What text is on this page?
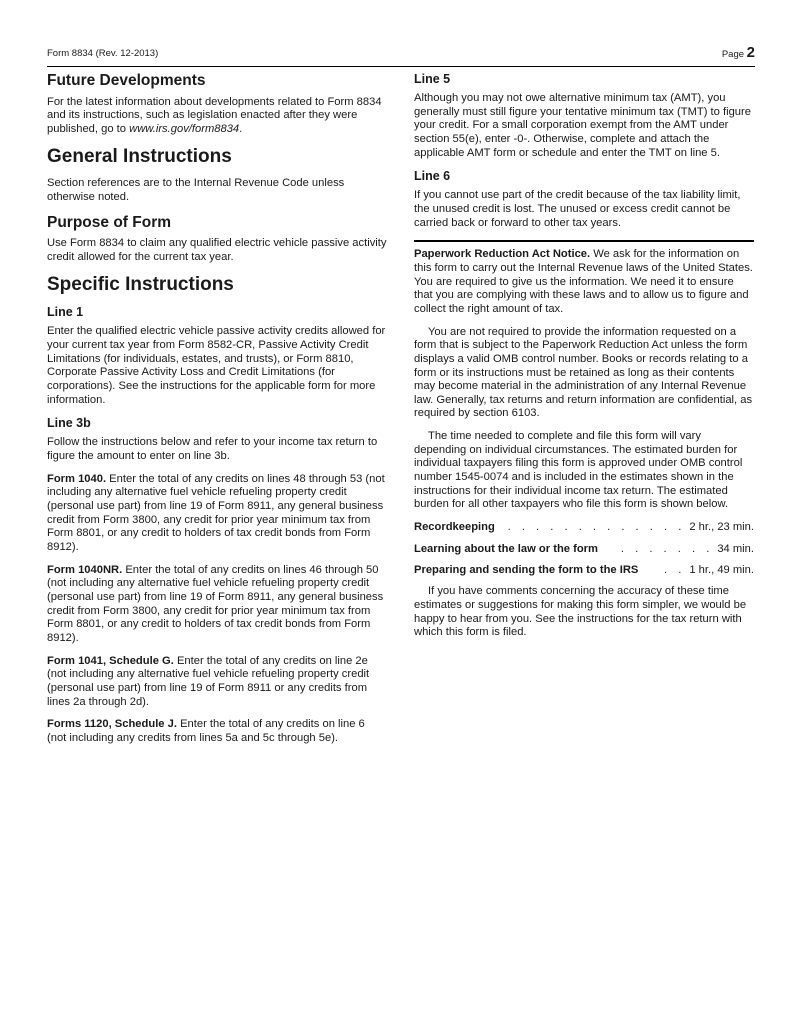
Form 8834 (Rev. 12-2013)	Page 2
Future Developments

For the latest information about developments related to Form 8834 and its instructions, such as legislation enacted after they were published, go to www.irs.gov/form8834.

General Instructions

Section references are to the Internal Revenue Code unless otherwise noted.

Purpose of Form

Use Form 8834 to claim any qualified electric vehicle passive activity credit allowed for the current tax year.

Specific Instructions
Line 1

Enter the qualified electric vehicle passive activity credits allowed for your current tax year from Form 8582-CR, Passive Activity Credit Limitations (for individuals, estates, and trusts), or Form 8810, Corporate Passive Activity Loss and Credit Limitations (for corporations). See the instructions for the applicable form for more information.

Line 3b

Follow the instructions below and refer to your income tax return to figure the amount to enter on line 3b.

Form 1040. Enter the total of any credits on lines 48 through 53 (not including any alternative fuel vehicle refueling property credit (personal use part) from line 19 of Form 8911, any general business credit from Form 3800, any credit for prior year minimum tax from Form 8801, or any credit to holders of tax credit bonds from Form 8912).

Form 1040NR. Enter the total of any credits on lines 46 through 50 (not including any alternative fuel vehicle refueling property credit (personal use part) from line 19 of Form 8911, any general business credit from Form 3800, any credit for prior year minimum tax from Form 8801, or any credit to holders of tax credit bonds from Form 8912).

Form 1041, Schedule G. Enter the total of any credits on line 2e (not including any alternative fuel vehicle refueling property credit (personal use part) from line 19 of Form 8911 or any credits from lines 2a through 2d).

Forms 1120, Schedule J. Enter the total of any credits on line 6 (not including any credits from lines 5a and 5c through 5e).

Line 5

Although you may not owe alternative minimum tax (AMT), you generally must still figure your tentative minimum tax (TMT) to figure your credit. For a small corporation exempt from the AMT under section 55(e), enter -0-. Otherwise, complete and attach the applicable AMT form or schedule and enter the TMT on line 5.

Line 6

If you cannot use part of the credit because of the tax liability limit, the unused credit is lost. The unused or excess credit cannot be carried back or forward to other tax years.

Paperwork Reduction Act Notice. We ask for the information on this form to carry out the Internal Revenue laws of the United States. You are required to give us the information. We need it to ensure that you are complying with these laws and to allow us to figure and collect the right amount of tax.

You are not required to provide the information requested on a form that is subject to the Paperwork Reduction Act unless the form displays a valid OMB control number. Books or records relating to a form or its instructions must be retained as long as their contents may become material in the administration of any Internal Revenue law. Generally, tax returns and return information are confidential, as required by section 6103.

The time needed to complete and file this form will vary depending on individual circumstances. The estimated burden for individual taxpayers filing this form is approved under OMB control number 1545-0074 and is included in the estimates shown in the instructions for their individual income tax return. The estimated burden for all other taxpayers who file this form is shown below.

Recordkeeping	. . . . . . . . . . . . . 2 hr., 23 min.
Learning about the law or the form	. . . . . . . 34 min.
Preparing and sending the form to the IRS	. . 1 hr., 49 min.

If you have comments concerning the accuracy of these time estimates or suggestions for making this form simpler, we would be happy to hear from you. See the instructions for the tax return with which this form is filed.
